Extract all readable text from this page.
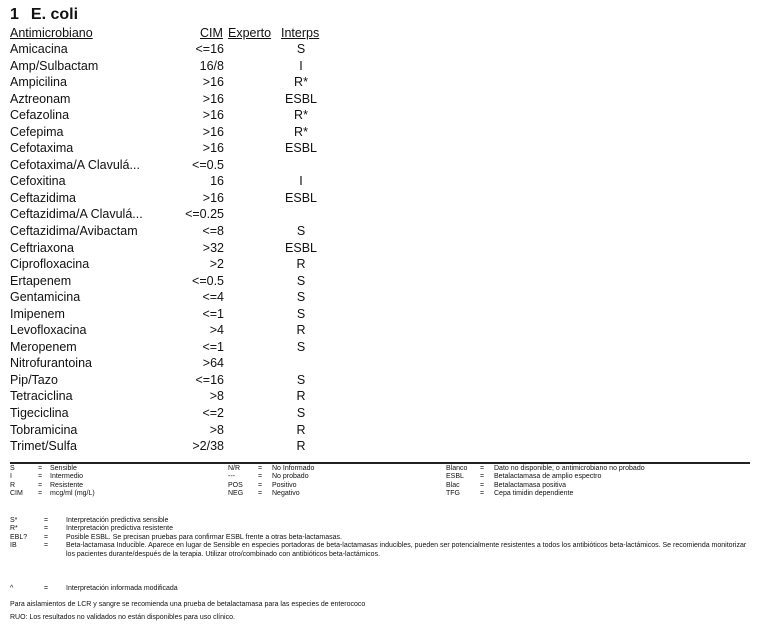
1 E. coli
Antimicrobiano	CIM Experto Interps
Amicacina	<=16	S
Amp/Sulbactam	16/8	I
Ampicilina	>16	R*
Aztreonam	>16	ESBL
Cefazolina	>16	R*
Cefepima	>16	R*
Cefotaxima	>16	ESBL
Cefotaxima/A Clavulá...	<=0.5
Cefoxitina	16	I
Ceftazidima	>16	ESBL
Ceftazidima/A Clavulá...	<=0.25
Ceftazidima/Avibactam	<=8	S
Ceftriaxona	>32	ESBL
Ciprofloxacina	>2	R
Ertapenem	<=0.5	S
Gentamicina	<=4	S
Imipenem	<=1	S
Levofloxacina	>4	R
Meropenem	<=1	S
Nitrofurantoina	>64
Pip/Tazo	<=16	S
Tetraciclina	>8	R
Tigeciclina	<=2	S
Tobramicina	>8	R
Trimet/Sulfa	>2/38	R
S	= Sensible
I	= Intermedio
R	= Resistente
CIM = mcg/ml (mg/L)
N/R	= No Informado
---	= No probado
POS = Positivo
NEG = Negativo
Blanco = Dato no disponible, o antimicrobiano no probado
ESBL = Betalactamasa de amplio espectro
Blac	= Betalactamasa positiva
TFG	= Cepa timidin dependiente
S*	=	Interpretación predictiva sensible
R*	=	Interpretación predictiva resistente
EBL? =	Posible ESBL. Se precisan pruebas para confirmar ESBL frente a otras beta-lactamasas.
IB	=	Beta-lactamasa Inducible. Aparece en lugar de Sensible en especies portadoras de beta-lactamasas inducibles, pueden ser potencialmente resistentes a todos los antibióticos beta-lactámicos. Se recomienda monitorizar los pacientes durante/después de la terapia. Utilizar otro/combinado con antibióticos beta-lactámicos.
^	=	Interpretación informada modificada
Para aislamientos de LCR y sangre se recomienda una prueba de betalactamasa para las especies de enterococo
RUO: Los resultados no validados no están disponibles para uso clínico.
